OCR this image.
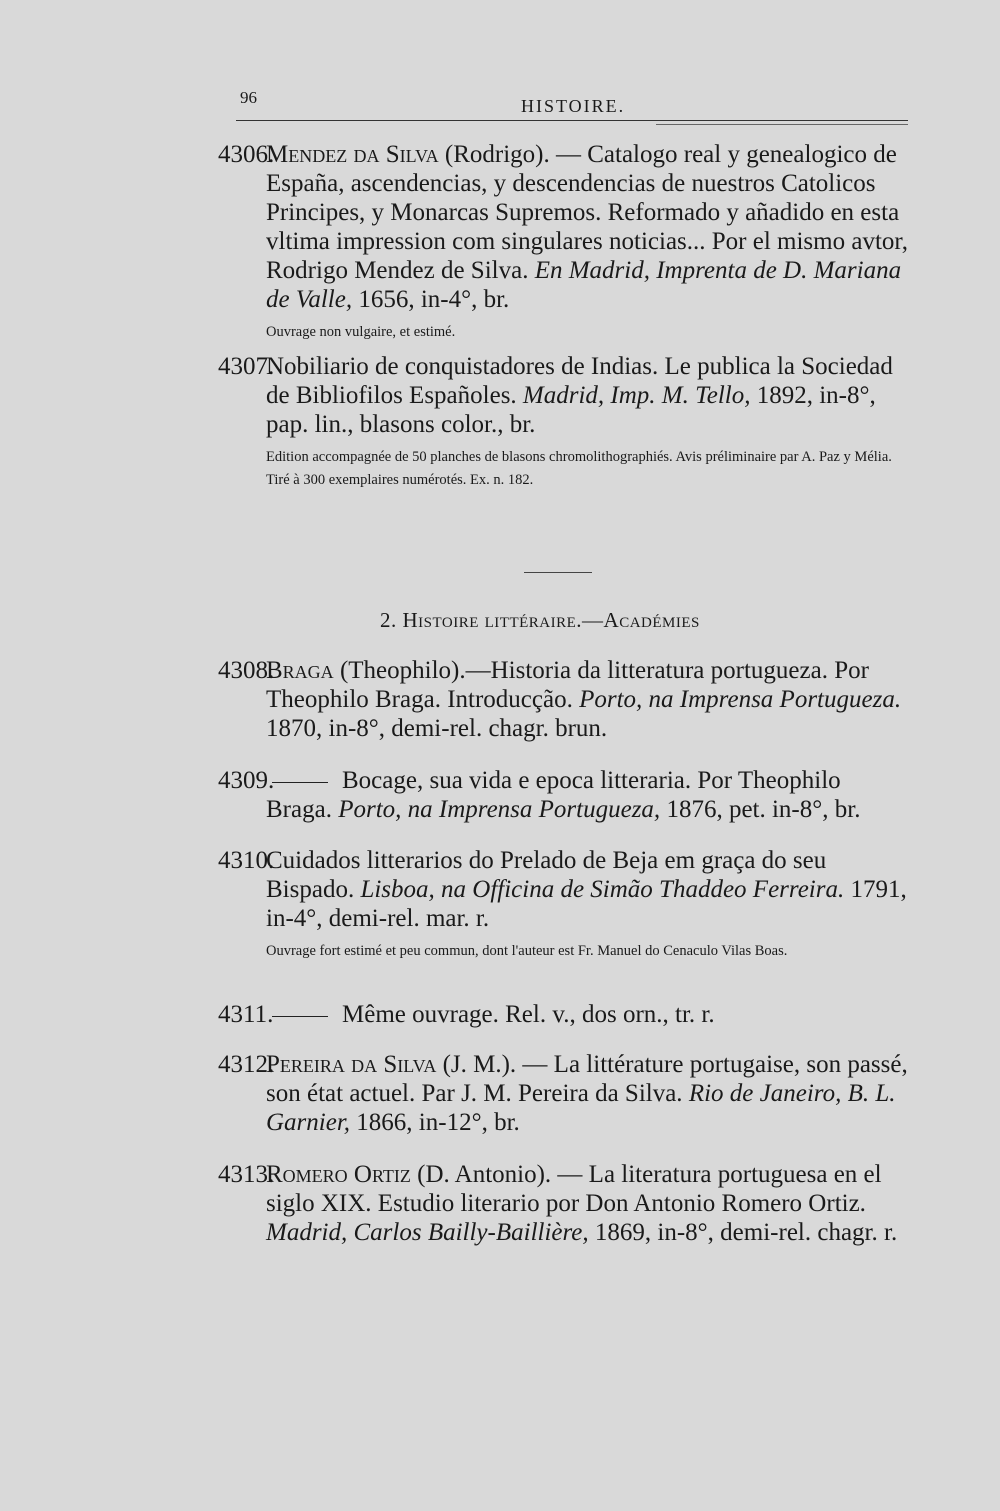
96	HISTOIRE.

4306.
Mendez da Silva (Rodrigo). — Catalogo real y genealogico de España, ascendencias, y descendencias de nuestros Catolicos Principes, y Monarcas Supremos. Reformado y añadido en esta vltima impression com singulares noticias... Por el mismo avtor, Rodrigo Mendez de Silva. En Madrid, Imprenta de D. Mariana de Valle, 1656, in-4°, br.

Ouvrage non vulgaire, et estimé.

4307.
Nobiliario de conquistadores de Indias. Le publica la Sociedad de Bibliofilos Españoles. Madrid, Imp. M. Tello, 1892, in-8°, pap. lin., blasons color., br.

Edition accompagnée de 50 planches de blasons chromolithographiés. Avis préliminaire par A. Paz y Mélia.

Tiré à 300 exemplaires numérotés. Ex. n. 182.

2. Histoire littéraire.—Académies

4308.
Braga (Theophilo).—Historia da litteratura portugueza. Por Theophilo Braga. Introducção. Porto, na Imprensa Portugueza. 1870, in-8°, demi-rel. chagr. brun.

4309.	Bocage, sua vida e epoca litteraria. Por Theophilo Braga. Porto, na Imprensa Portugueza, 1876, pet. in-8°, br.

4310.
Cuidados litterarios do Prelado de Beja em graça do seu Bispado. Lisboa, na Officina de Simão Thaddeo Ferreira. 1791, in-4°, demi-rel. mar. r.

Ouvrage fort estimé et peu commun, dont l'auteur est Fr. Manuel do Cenaculo Vilas Boas.

4311.	Même ouvrage. Rel. v., dos orn., tr. r.

4312.
Pereira da Silva (J. M.). — La littérature portugaise, son passé, son état actuel. Par J. M. Pereira da Silva. Rio de Janeiro, B. L. Garnier, 1866, in-12°, br.

4313.
Romero Ortiz (D. Antonio). — La literatura portuguesa en el siglo XIX. Estudio literario por Don Antonio Romero Ortiz. Madrid, Carlos Bailly-Baillière, 1869, in-8°, demi-rel. chagr. r.
